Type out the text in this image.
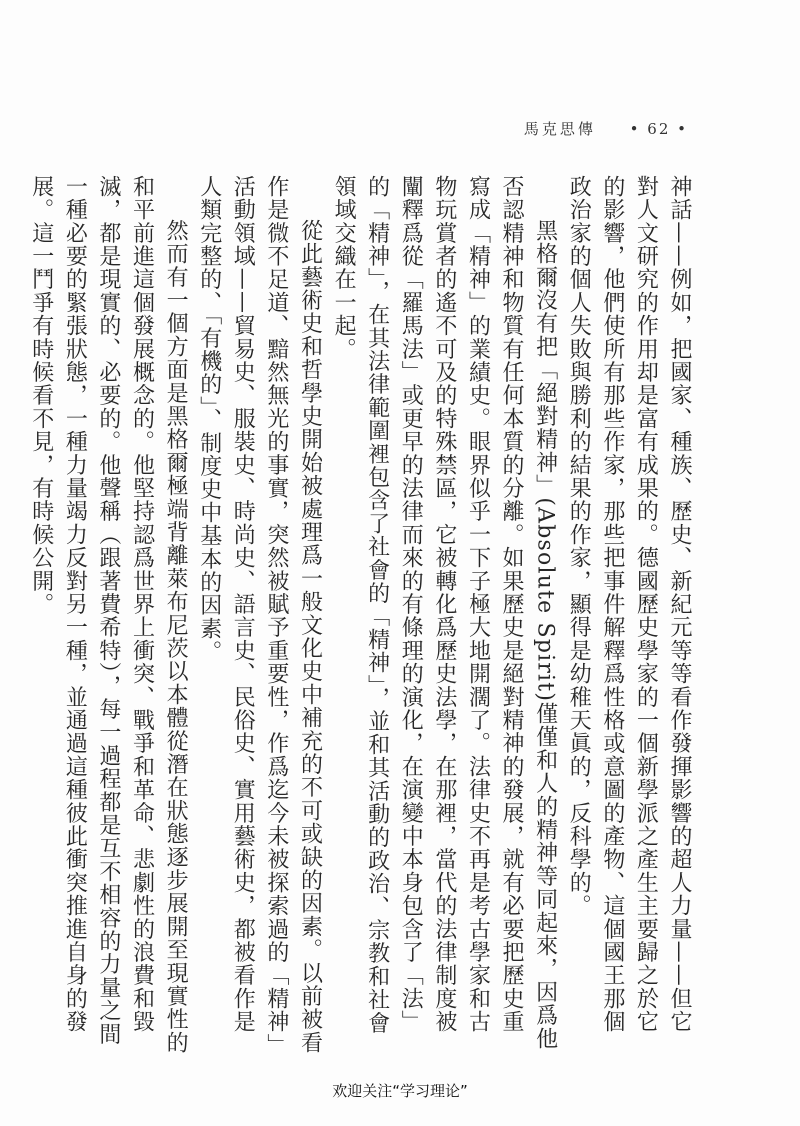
馬克思傳 • 62 •

神話——例如，把國家、種族、歷史、新紀元等等看作發揮影響的超人力量——但它對人文研究的作用却是富有成果的。德國歷史學家的一個新學派之產生主要歸之於它的影響，他們使所有那些作家，那些把事件解釋爲性格或意圖的產物、這個國王那個政治家的個人失敗與勝利的結果的作家，顯得是幼稚天眞的，反科學的。

黑格爾沒有把「絕對精神」(Absolute Spirit)僅僅和人的精神等同起來，因爲他否認精神和物質有任何本質的分離。如果歷史是絕對精神的發展，就有必要把歷史重寫成「精神」的業績史。眼界似乎一下子極大地開濶了。法律史不再是考古學家和古物玩賞者的遙不可及的特殊禁區，它被轉化爲歷史法學，在那裡，當代的法律制度被闡釋爲從「羅馬法」或更早的法律而來的有條理的演化，在演變中本身包含了「法」的「精神」，在其法律範圍裡包含了社會的「精神」，並和其活動的政治、宗教和社會領域交織在一起。

從此藝術史和哲學史開始被處理爲一般文化史中補充的不可或缺的因素。以前被看作是微不足道、黯然無光的事實，突然被賦予重要性，作爲迄今未被探索過的「精神」活動領域——貿易史、服裝史、時尚史、語言史、民俗史、實用藝術史，都被看作是人類完整的、「有機的」、制度史中基本的因素。

然而有一個方面是黑格爾極端背離萊布尼茨以本體從潛在狀態逐步展開至現實性的和平前進這個發展概念的。他堅持認爲世界上衝突、戰爭和革命、悲劇性的浪費和毀滅，都是現實的、必要的。他聲稱（跟著費希特），每一過程都是互不相容的力量之間一種必要的緊張狀態，一種力量竭力反對另一種，並通過這種彼此衝突推進自身的發展。這一鬥爭有時候看不見，有時候公開。

欢迎关注“学习理论”
